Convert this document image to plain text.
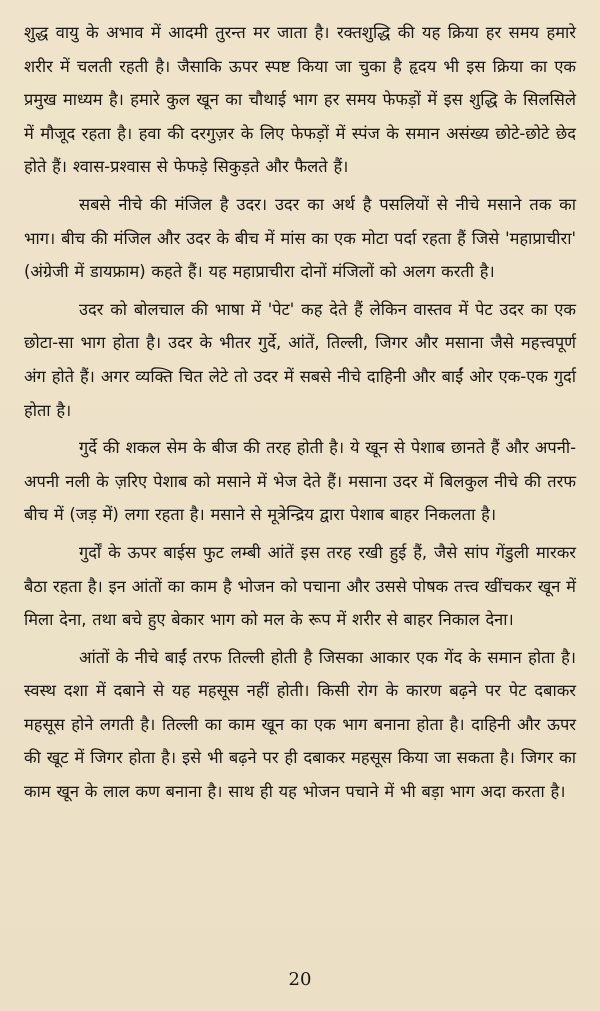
शुद्ध वायु के अभाव में आदमी तुरन्त मर जाता है। रक्तशुद्धि की यह क्रिया हर समय हमारे शरीर में चलती रहती है। जैसाकि ऊपर स्पष्ट किया जा चुका है हृदय भी इस क्रिया का एक प्रमुख माध्यम है। हमारे कुल खून का चौथाई भाग हर समय फेफड़ों में इस शुद्धि के सिलसिले में मौजूद रहता है। हवा की दरगुज़र के लिए फेफड़ों में स्पंज के समान असंख्य छोटे-छोटे छेद होते हैं। श्वास-प्रश्वास से फेफड़े सिकुड़ते और फैलते हैं।

सबसे नीचे की मंजिल है उदर। उदर का अर्थ है पसलियों से नीचे मसाने तक का भाग। बीच की मंजिल और उदर के बीच में मांस का एक मोटा पर्दा रहता हैं जिसे 'महाप्राचीरा' (अंग्रेजी में डायफ्राम) कहते हैं। यह महाप्राचीरा दोनों मंजिलों को अलग करती है।

उदर को बोलचाल की भाषा में 'पेट' कह देते हैं लेकिन वास्तव में पेट उदर का एक छोटा-सा भाग होता है। उदर के भीतर गुर्दे, आंतें, तिल्ली, जिगर और मसाना जैसे महत्त्वपूर्ण अंग होते हैं। अगर व्यक्ति चित लेटे तो उदर में सबसे नीचे दाहिनी और बाईं ओर एक-एक गुर्दा होता है।

गुर्दे की शकल सेम के बीज की तरह होती है। ये खून से पेशाब छानते हैं और अपनी-अपनी नली के ज़रिए पेशाब को मसाने में भेज देते हैं। मसाना उदर में बिलकुल नीचे की तरफ बीच में (जड़ में) लगा रहता है। मसाने से मूत्रेन्द्रिय द्वारा पेशाब बाहर निकलता है।

गुर्दों के ऊपर बाईस फुट लम्बी आंतें इस तरह रखी हुई हैं, जैसे सांप गेंडुली मारकर बैठा रहता है। इन आंतों का काम है भोजन को पचाना और उससे पोषक तत्त्व खींचकर खून में मिला देना, तथा बचे हुए बेकार भाग को मल के रूप में शरीर से बाहर निकाल देना।

आंतों के नीचे बाईं तरफ तिल्ली होती है जिसका आकार एक गेंद के समान होता है। स्वस्थ दशा में दबाने से यह महसूस नहीं होती। किसी रोग के कारण बढ़ने पर पेट दबाकर महसूस होने लगती है। तिल्ली का काम खून का एक भाग बनाना होता है। दाहिनी और ऊपर की खूट में जिगर होता है। इसे भी बढ़ने पर ही दबाकर महसूस किया जा सकता है। जिगर का काम खून के लाल कण बनाना है। साथ ही यह भोजन पचाने में भी बड़ा भाग अदा करता है।

20
